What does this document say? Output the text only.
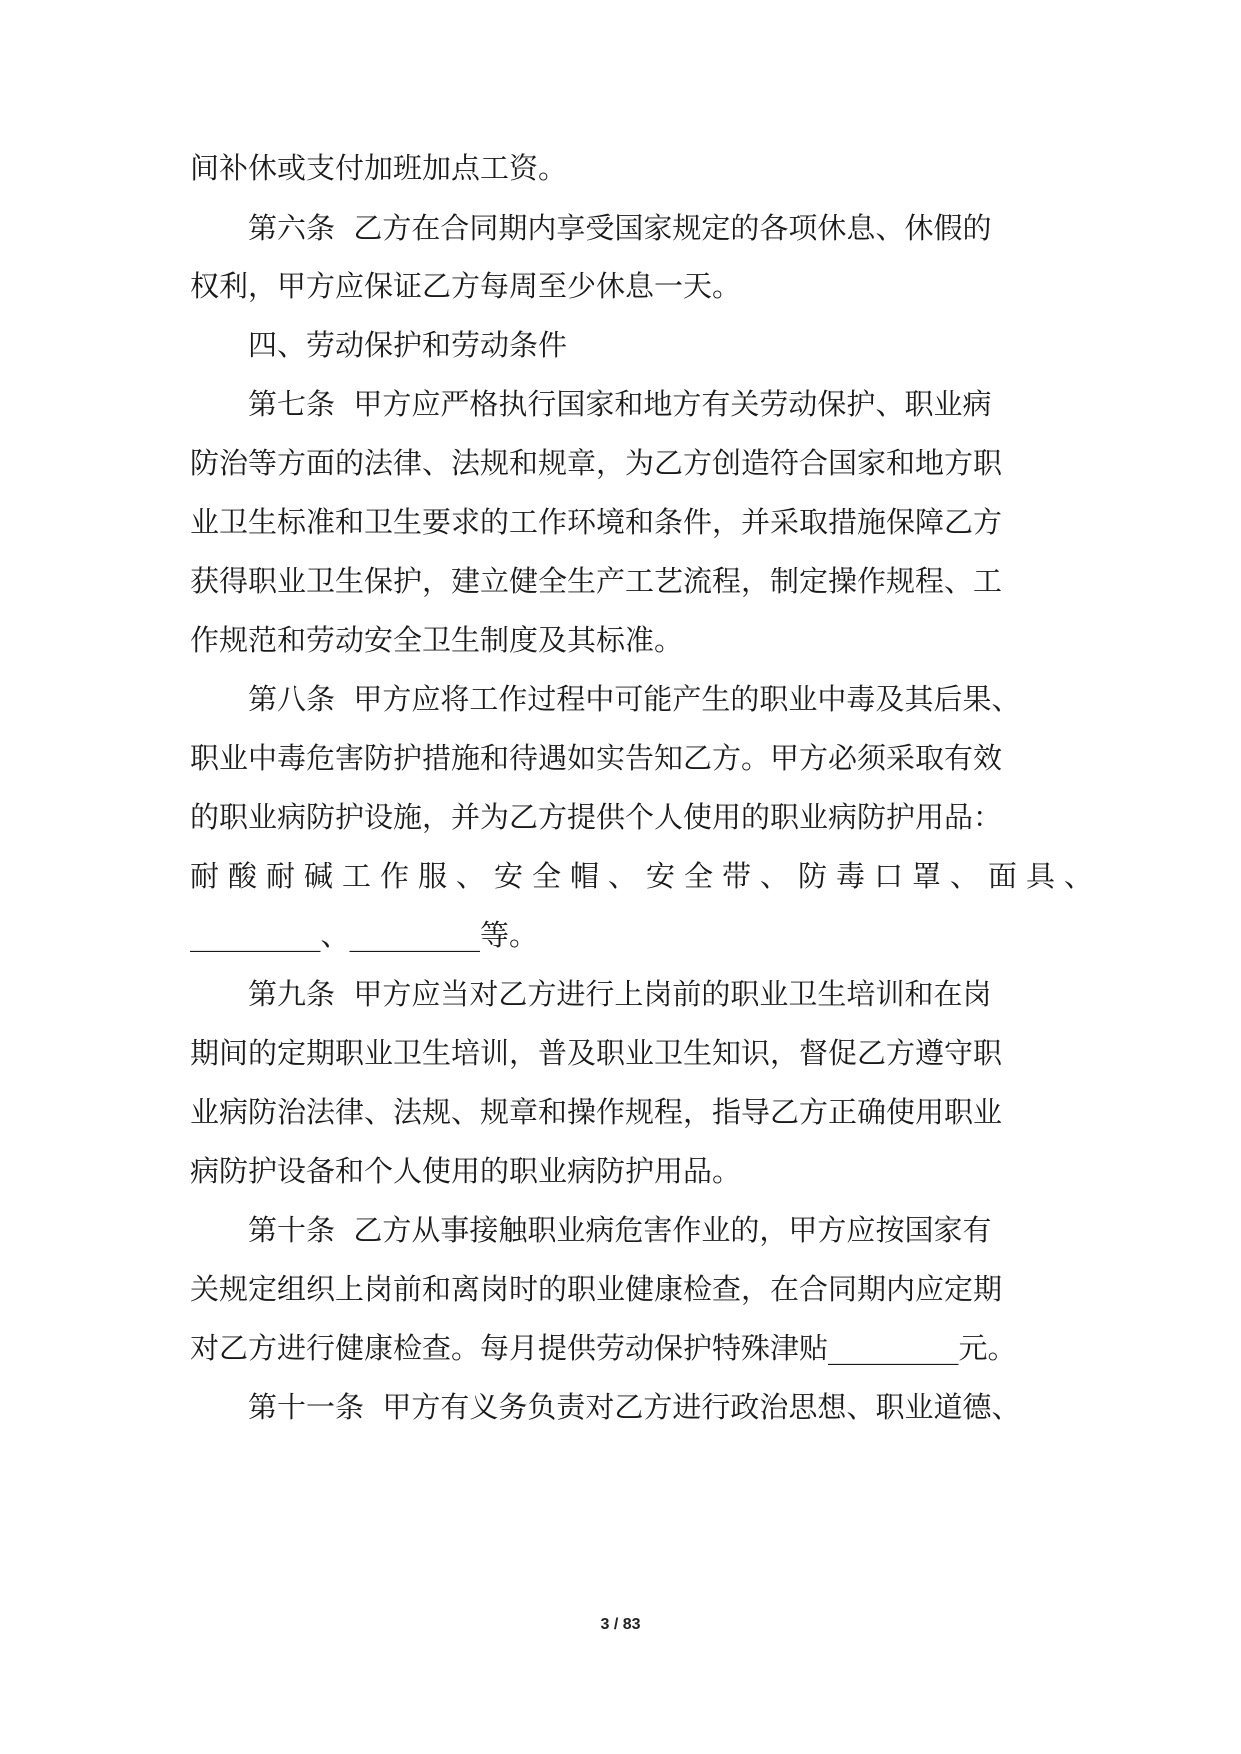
间补休或支付加班加点工资。
第六条  乙方在合同期内享受国家规定的各项休息、休假的
权利，甲方应保证乙方每周至少休息一天。
四、劳动保护和劳动条件
第七条  甲方应严格执行国家和地方有关劳动保护、职业病
防治等方面的法律、法规和规章，为乙方创造符合国家和地方职
业卫生标准和卫生要求的工作环境和条件，并采取措施保障乙方
获得职业卫生保护，建立健全生产工艺流程，制定操作规程、工
作规范和劳动安全卫生制度及其标准。
第八条  甲方应将工作过程中可能产生的职业中毒及其后果、
职业中毒危害防护措施和待遇如实告知乙方。甲方必须采取有效
的职业病防护设施，并为乙方提供个人使用的职业病防护用品：
耐酸耐碱工作服、安全帽、安全带、防毒口罩、面具、
_________、_________等。
第九条  甲方应当对乙方进行上岗前的职业卫生培训和在岗
期间的定期职业卫生培训，普及职业卫生知识，督促乙方遵守职
业病防治法律、法规、规章和操作规程，指导乙方正确使用职业
病防护设备和个人使用的职业病防护用品。
第十条  乙方从事接触职业病危害作业的，甲方应按国家有
关规定组织上岗前和离岗时的职业健康检查，在合同期内应定期
对乙方进行健康检查。每月提供劳动保护特殊津贴_________元。
第十一条  甲方有义务负责对乙方进行政治思想、职业道德、
3 / 83
